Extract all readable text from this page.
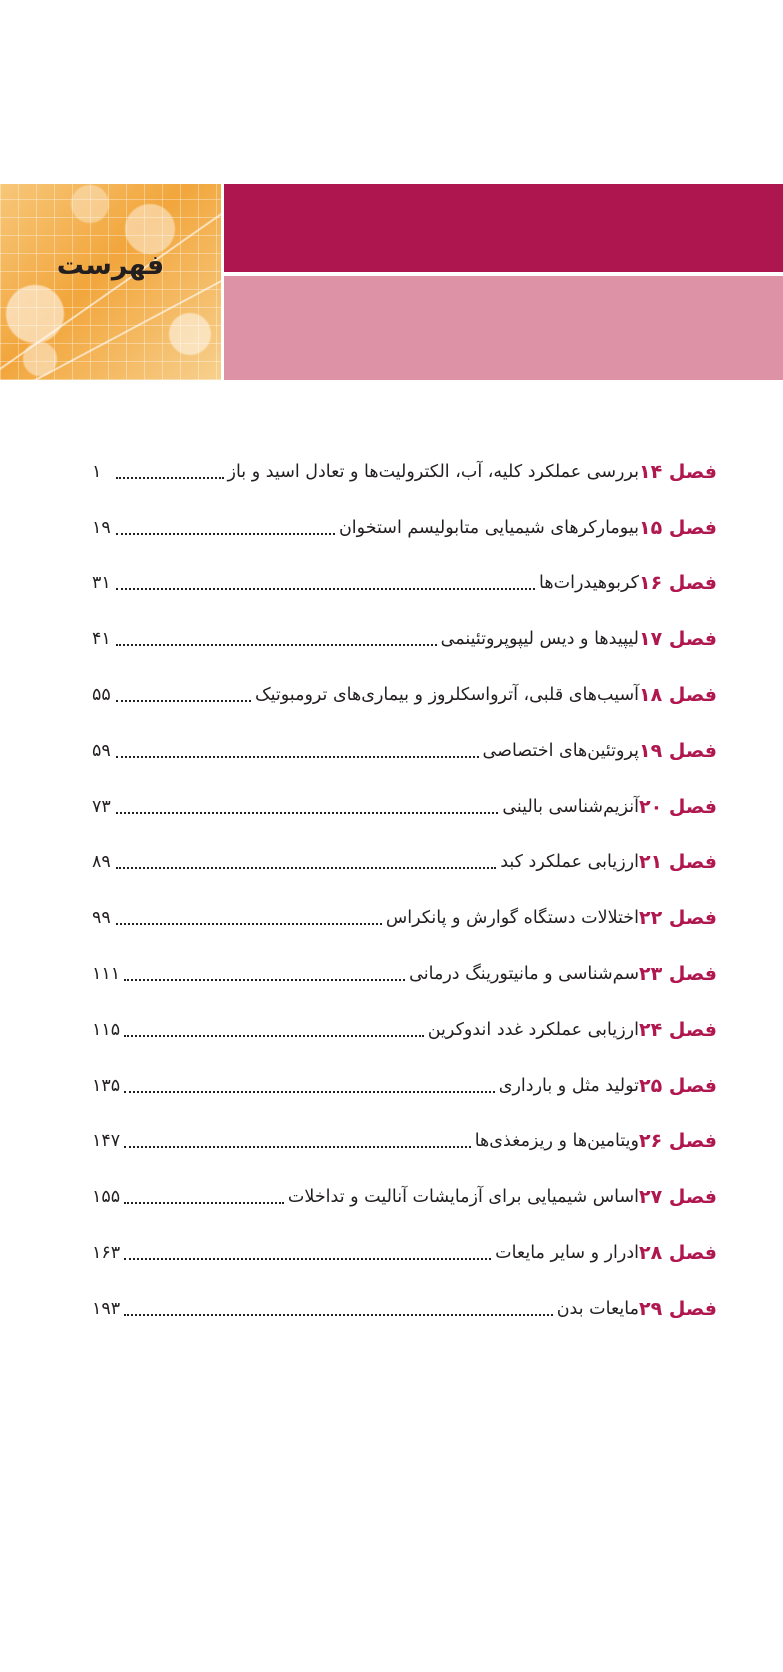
فهرست
فصل ۱۴
بررسی عملکرد کلیه، آب، الکترولیت‌ها و تعادل اسید و باز
۱
فصل ۱۵
بیومارکرهای شیمیایی متابولیسم استخوان
۱۹
فصل ۱۶
کربوهیدرات‌ها
۳۱
فصل ۱۷
لیپیدها و دیس لیپوپروتئینمی
۴۱
فصل ۱۸
آسیب‌های قلبی، آترواسکلروز و بیماری‌های ترومبوتیک
۵۵
فصل ۱۹
پروتئین‌های اختصاصی
۵۹
فصل ۲۰
آنزیم‌شناسی بالینی
۷۳
فصل ۲۱
ارزیابی عملکرد کبد
۸۹
فصل ۲۲
اختلالات دستگاه گوارش و پانکراس
۹۹
فصل ۲۳
سم‌شناسی و مانیتورینگ درمانی
۱۱۱
فصل ۲۴
ارزیابی عملکرد غدد اندوکرین
۱۱۵
فصل ۲۵
تولید مثل و بارداری
۱۳۵
فصل ۲۶
ویتامین‌ها و ریزمغذی‌ها
۱۴۷
فصل ۲۷
اساس شیمیایی برای آزمایشات آنالیت و تداخلات
۱۵۵
فصل ۲۸
ادرار و سایر مایعات
۱۶۳
فصل ۲۹
مایعات بدن
۱۹۳
